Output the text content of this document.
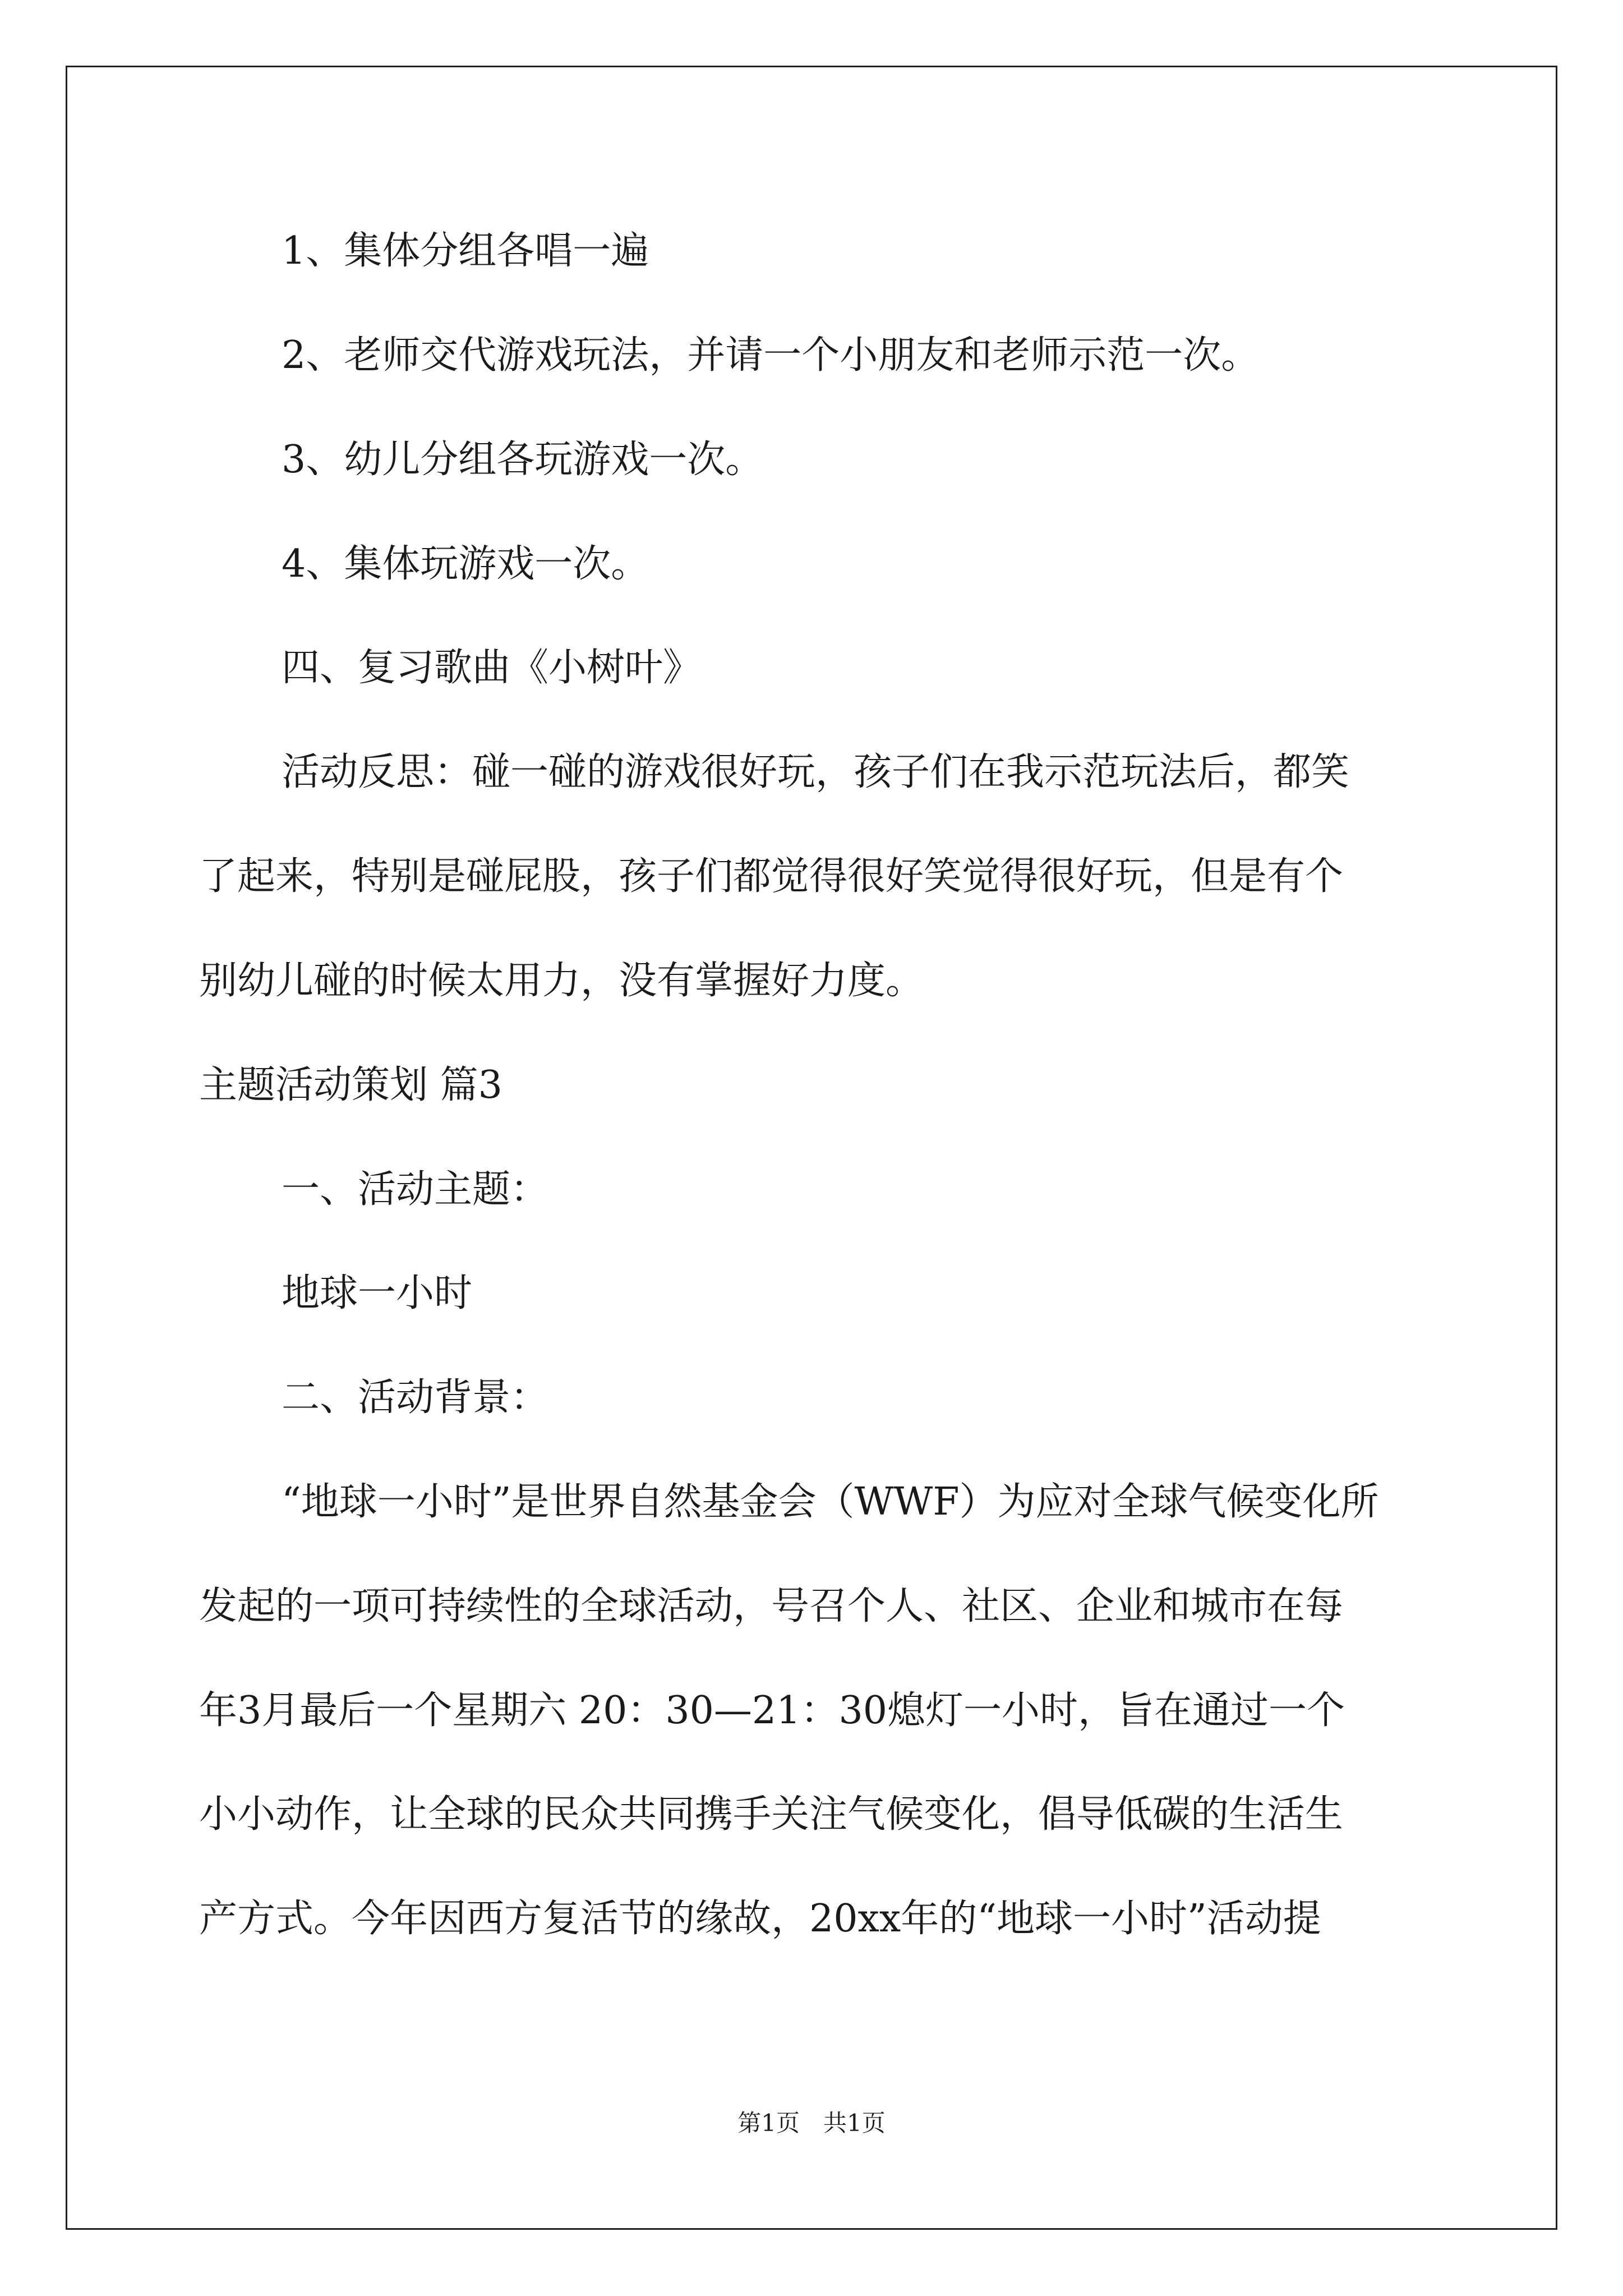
1、集体分组各唱一遍
2、老师交代游戏玩法，并请一个小朋友和老师示范一次。
3、幼儿分组各玩游戏一次。
4、集体玩游戏一次。
四、复习歌曲《小树叶》
活动反思：碰一碰的游戏很好玩，孩子们在我示范玩法后，都笑
了起来，特别是碰屁股，孩子们都觉得很好笑觉得很好玩，但是有个
别幼儿碰的时候太用力，没有掌握好力度。
主题活动策划 篇3
一、活动主题：
地球一小时
二、活动背景：
“地球一小时”是世界自然基金会（WWF）为应对全球气候变化所
发起的一项可持续性的全球活动，号召个人、社区、企业和城市在每
年3月最后一个星期六 20：30—21：30熄灯一小时，旨在通过一个
小小动作，让全球的民众共同携手关注气候变化，倡导低碳的生活生
产方式。今年因西方复活节的缘故，20xx年的“地球一小时”活动提
第1页　共1页
